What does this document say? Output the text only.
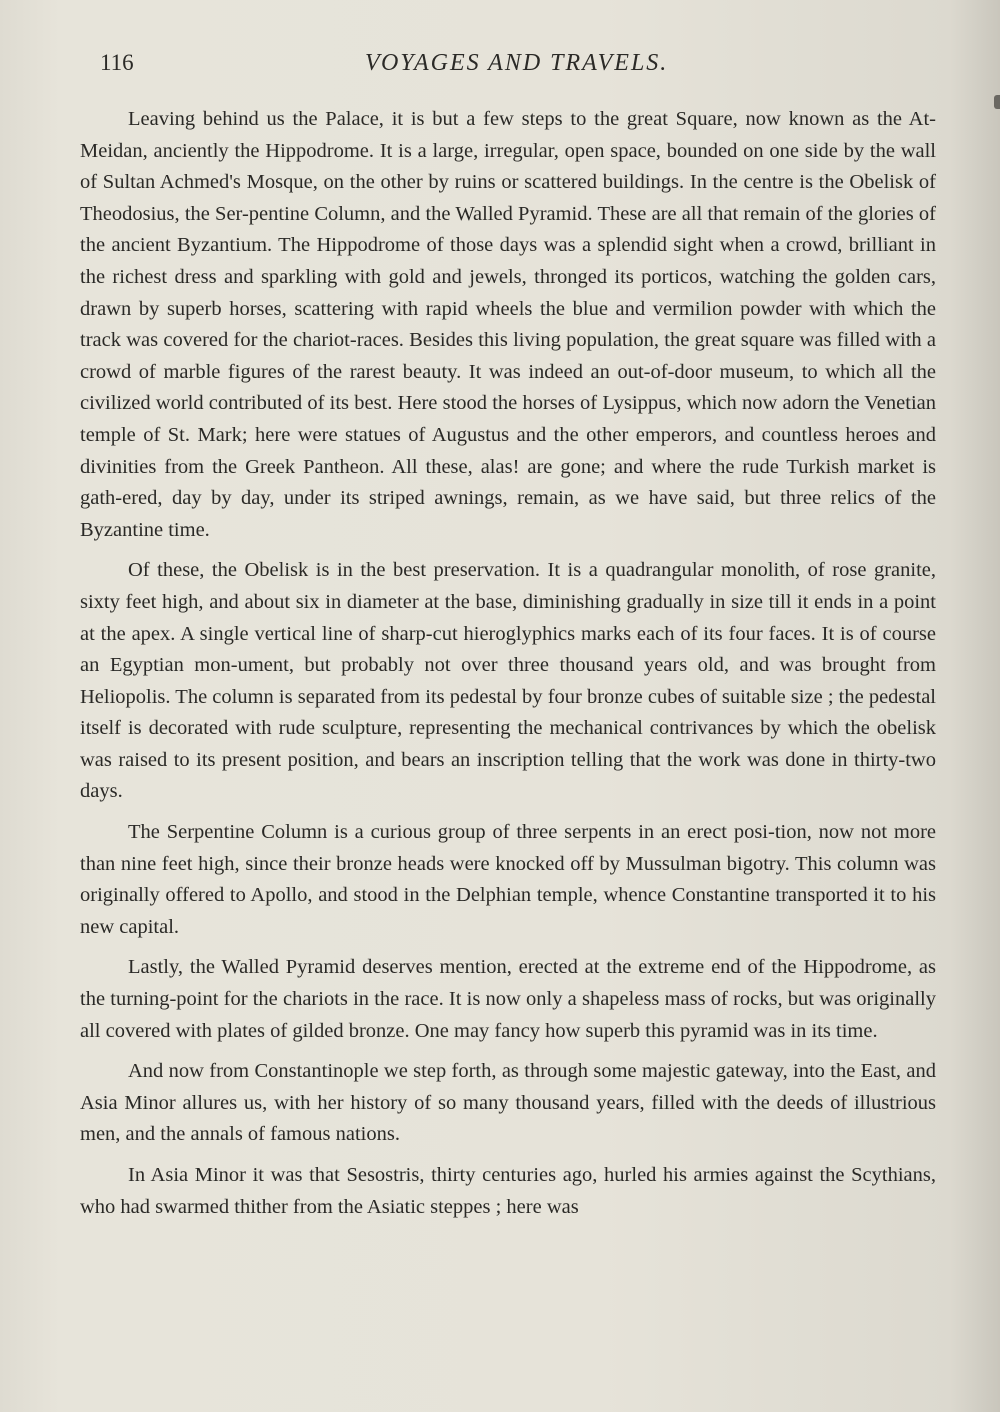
116	VOYAGES AND TRAVELS.

Leaving behind us the Palace, it is but a few steps to the great Square, now known as the At-Meidan, anciently the Hippodrome. It is a large, irregular, open space, bounded on one side by the wall of Sultan Achmed's Mosque, on the other by ruins or scattered buildings. In the centre is the Obelisk of Theodosius, the Ser-pentine Column, and the Walled Pyramid. These are all that remain of the glories of the ancient Byzantium. The Hippodrome of those days was a splendid sight when a crowd, brilliant in the richest dress and sparkling with gold and jewels, thronged its porticos, watching the golden cars, drawn by superb horses, scattering with rapid wheels the blue and vermilion powder with which the track was covered for the chariot-races. Besides this living population, the great square was filled with a crowd of marble figures of the rarest beauty. It was indeed an out-of-door museum, to which all the civilized world contributed of its best. Here stood the horses of Lysippus, which now adorn the Venetian temple of St. Mark; here were statues of Augustus and the other emperors, and countless heroes and divinities from the Greek Pantheon. All these, alas! are gone; and where the rude Turkish market is gath-ered, day by day, under its striped awnings, remain, as we have said, but three relics of the Byzantine time.

Of these, the Obelisk is in the best preservation. It is a quadrangular monolith, of rose granite, sixty feet high, and about six in diameter at the base, diminishing gradually in size till it ends in a point at the apex. A single vertical line of sharp-cut hieroglyphics marks each of its four faces. It is of course an Egyptian mon-ument, but probably not over three thousand years old, and was brought from Heliopolis. The column is separated from its pedestal by four bronze cubes of suitable size ; the pedestal itself is decorated with rude sculpture, representing the mechanical contrivances by which the obelisk was raised to its present position, and bears an inscription telling that the work was done in thirty-two days.

The Serpentine Column is a curious group of three serpents in an erect posi-tion, now not more than nine feet high, since their bronze heads were knocked off by Mussulman bigotry. This column was originally offered to Apollo, and stood in the Delphian temple, whence Constantine transported it to his new capital.

Lastly, the Walled Pyramid deserves mention, erected at the extreme end of the Hippodrome, as the turning-point for the chariots in the race. It is now only a shapeless mass of rocks, but was originally all covered with plates of gilded bronze. One may fancy how superb this pyramid was in its time.

And now from Constantinople we step forth, as through some majestic gateway, into the East, and Asia Minor allures us, with her history of so many thousand years, filled with the deeds of illustrious men, and the annals of famous nations.

In Asia Minor it was that Sesostris, thirty centuries ago, hurled his armies against the Scythians, who had swarmed thither from the Asiatic steppes ; here was
